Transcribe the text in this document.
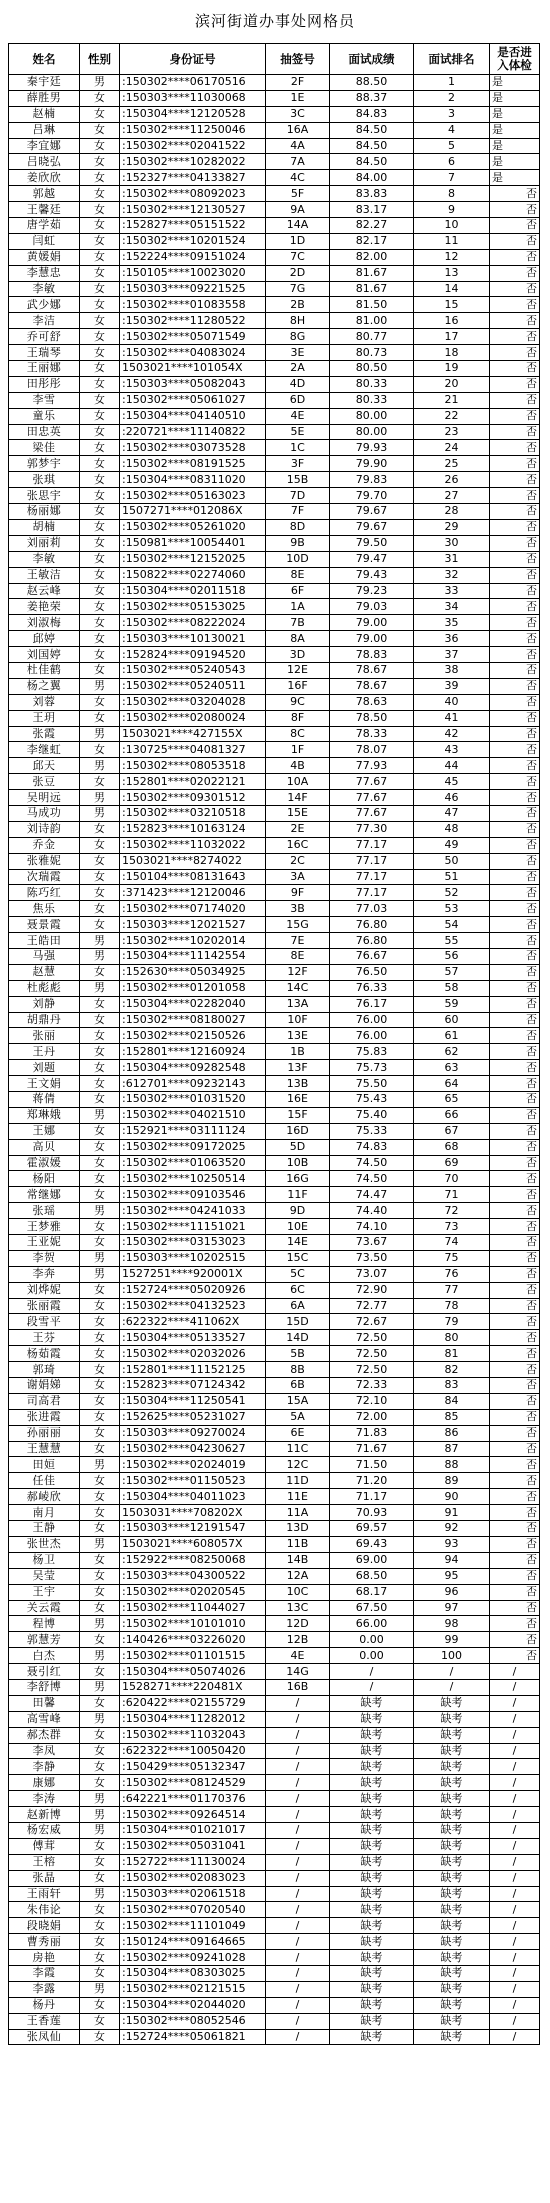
滨河街道办事处网格员
姓名	性别	身份证号	抽签号	面试成绩	面试排名	是否进入体检
秦宇廷	男	:150302****06170516	2F	88.50	1	是
薛胜男	女	:150303****11030068	1E	88.37	2	是
赵楠	女	:150304****12120528	3C	84.83	3	是
吕琳	女	:150302****11250046	16A	84.50	4	是
李宜娜	女	:150302****02041522	4A	84.50	5	是
吕晓弘	女	:150302****10282022	7A	84.50	6	是
姜欣欣	女	:152327****04133827	4C	84.00	7	是
郭越	女	:150302****08092023	5F	83.83	8	否
王馨廷	女	:150302****12130527	9A	83.17	9	否
唐学茹	女	:152827****05151522	14A	82.27	10	否
闫虹	女	:150302****10201524	1D	82.17	11	否
黄媛娟	女	:152224****09151024	7C	82.00	12	否
李慧忠	女	:150105****10023020	2D	81.67	13	否
李敏	女	:150303****09221525	7G	81.67	14	否
武少娜	女	:150302****01083558	2B	81.50	15	否
李洁	女	:150302****11280522	8H	81.00	16	否
乔可舒	女	:150302****05071549	8G	80.77	17	否
王瑞琴	女	:150302****04083024	3E	80.73	18	否
王丽娜	女	1503021****101054X	2A	80.50	19	否
田彤彤	女	:150303****05082043	4D	80.33	20	否
李雪	女	:150302****05061027	6D	80.33	21	否
童乐	女	:150304****04140510	4E	80.00	22	否
田忠英	女	:220721****11140822	5E	80.00	23	否
梁佳	女	:150302****03073528	1C	79.93	24	否
郭梦宇	女	:150302****08191525	3F	79.90	25	否
张琪	女	:150304****08311020	15B	79.83	26	否
张思宇	女	:150302****05163023	7D	79.70	27	否
杨丽娜	女	1507271****012086X	7F	79.67	28	否
胡楠	女	:150302****05261020	8D	79.67	29	否
刘丽莉	女	:150981****10054401	9B	79.50	30	否
李敏	女	:150302****12152025	10D	79.47	31	否
王敏洁	女	:150822****02274060	8E	79.43	32	否
赵云峰	女	:150304****02011518	6F	79.23	33	否
姜艳荣	女	:150302****05153025	1A	79.03	34	否
刘淑梅	女	:150302****08222024	7B	79.00	35	否
邱婷	女	:150303****10130021	8A	79.00	36	否
刘国婷	女	:152824****09194520	3D	78.83	37	否
杜佳鹤	女	:150302****05240543	12E	78.67	38	否
杨之翼	男	:150302****05240511	16F	78.67	39	否
刘蓉	女	:150302****03204028	9C	78.63	40	否
王玥	女	:150302****02080024	8F	78.50	41	否
张霞	男	1503021****427155X	8C	78.33	42	否
李继虹	女	:130725****04081327	1F	78.07	43	否
邱天	男	:150302****08053518	4B	77.93	44	否
张豆	女	:152801****02022121	10A	77.67	45	否
吴明远	男	:150302****09301512	14F	77.67	46	否
马成功	男	:150302****03210518	15E	77.67	47	否
刘诗韵	女	:152823****10163124	2E	77.30	48	否
乔金	女	:150302****11032022	16C	77.17	49	否
张雅妮	女	1503021****8274022	2C	77.17	50	否
次瑞霞	女	:150104****08131643	3A	77.17	51	否
陈巧红	女	:371423****12120046	9F	77.17	52	否
焦乐	女	:150302****07174020	3B	77.03	53	否
聂景霞	女	:150303****12021527	15G	76.80	54	否
王皓田	男	:150302****10202014	7E	76.80	55	否
马强	男	:150304****11142554	8E	76.67	56	否
赵慧	女	:152630****05034925	12F	76.50	57	否
杜彪彪	男	:150302****01201058	14C	76.33	58	否
刘静	女	:150304****02282040	13A	76.17	59	否
胡鼎丹	女	:150302****08180027	10F	76.00	60	否
张丽	女	:150302****02150526	13E	76.00	61	否
王丹	女	:152801****12160924	1B	75.83	62	否
刘题	女	:150304****09282548	13F	75.73	63	否
王文娟	女	:612701****09232143	13B	75.50	64	否
蒋倩	女	:150302****01031520	16E	75.43	65	否
郑琳娥	男	:150302****04021510	15F	75.40	66	否
王娜	女	:152921****03111124	16D	75.33	67	否
高贝	女	:150302****09172025	5D	74.83	68	否
霍淑媛	女	:150302****01063520	10B	74.50	69	否
杨阳	女	:150302****10250514	16G	74.50	70	否
常继娜	女	:150302****09103546	11F	74.47	71	否
张瑶	男	:150302****04241033	9D	74.40	72	否
王梦雅	女	:150302****11151021	10E	74.10	73	否
王亚妮	女	:150302****03153023	14E	73.67	74	否
李贺	男	:150303****10202515	15C	73.50	75	否
李奔	男	1527251****920001X	5C	73.07	76	否
刘烨妮	女	:152724****05020926	6C	72.90	77	否
张丽霞	女	:150302****04132523	6A	72.77	78	否
段雪平	女	:622322****411062X	15D	72.67	79	否
王芬	女	:150304****05133527	14D	72.50	80	否
杨茹霞	女	:150302****02032026	5B	72.50	81	否
郭琦	女	:152801****11152125	8B	72.50	82	否
谢娟娣	女	:152823****07124342	6B	72.33	83	否
司高君	女	:150304****11250541	15A	72.10	84	否
张进霞	女	:152625****05231027	5A	72.00	85	否
孙丽丽	女	:150303****09270024	6E	71.83	86	否
王慧慧	女	:150302****04230627	11C	71.67	87	否
田姮	男	:150302****02024019	12C	71.50	88	否
任佳	女	:150302****01150523	11D	71.20	89	否
郝崚欣	女	:150304****04011023	11E	71.17	90	否
南月	女	1503031****708202X	11A	70.93	91	否
王静	女	:150303****12191547	13D	69.57	92	否
张世杰	男	1503021****608057X	11B	69.43	93	否
杨卫	女	:152922****08250068	14B	69.00	94	否
吴莹	女	:150303****04300522	12A	68.50	95	否
王宇	女	:150302****02020545	10C	68.17	96	否
关云霞	女	:150302****11044027	13C	67.50	97	否
程博	男	:150302****10101010	12D	66.00	98	否
郭慧芳	女	:140426****03226020	12B	0.00	99	否
白杰	男	:150302****01101515	4E	0.00	100	否
聂引红	女	:150304****05074026	14G	/	/	/
李舒博	男	1528271****220481X	16B	/	/	/
田馨	女	:620422****02155729	/	缺考	缺考	/
高雪峰	男	:150304****11282012	/	缺考	缺考	/
郝杰群	女	:150302****11032043	/	缺考	缺考	/
李凤	女	:622322****10050420	/	缺考	缺考	/
李静	女	:150429****05132347	/	缺考	缺考	/
康娜	女	:150302****08124529	/	缺考	缺考	/
李涛	男	:642221****01170376	/	缺考	缺考	/
赵新博	男	:150302****09264514	/	缺考	缺考	/
杨宏威	男	:150304****01021017	/	缺考	缺考	/
傅茸	女	:150302****05031041	/	缺考	缺考	/
王榕	女	:152722****11130024	/	缺考	缺考	/
张晶	女	:150302****02083023	/	缺考	缺考	/
王雨轩	男	:150303****02061518	/	缺考	缺考	/
朱伟论	女	:150302****07020540	/	缺考	缺考	/
段晓娟	女	:150302****11101049	/	缺考	缺考	/
曹秀丽	女	:150124****09164665	/	缺考	缺考	/
房艳	女	:150302****09241028	/	缺考	缺考	/
李霞	女	:150304****08303025	/	缺考	缺考	/
李露	男	:150302****02121515	/	缺考	缺考	/
杨丹	女	:150304****02044020	/	缺考	缺考	/
王香莲	女	:150302****08052546	/	缺考	缺考	/
张凤仙	女	:152724****05061821	/	缺考	缺考	/
